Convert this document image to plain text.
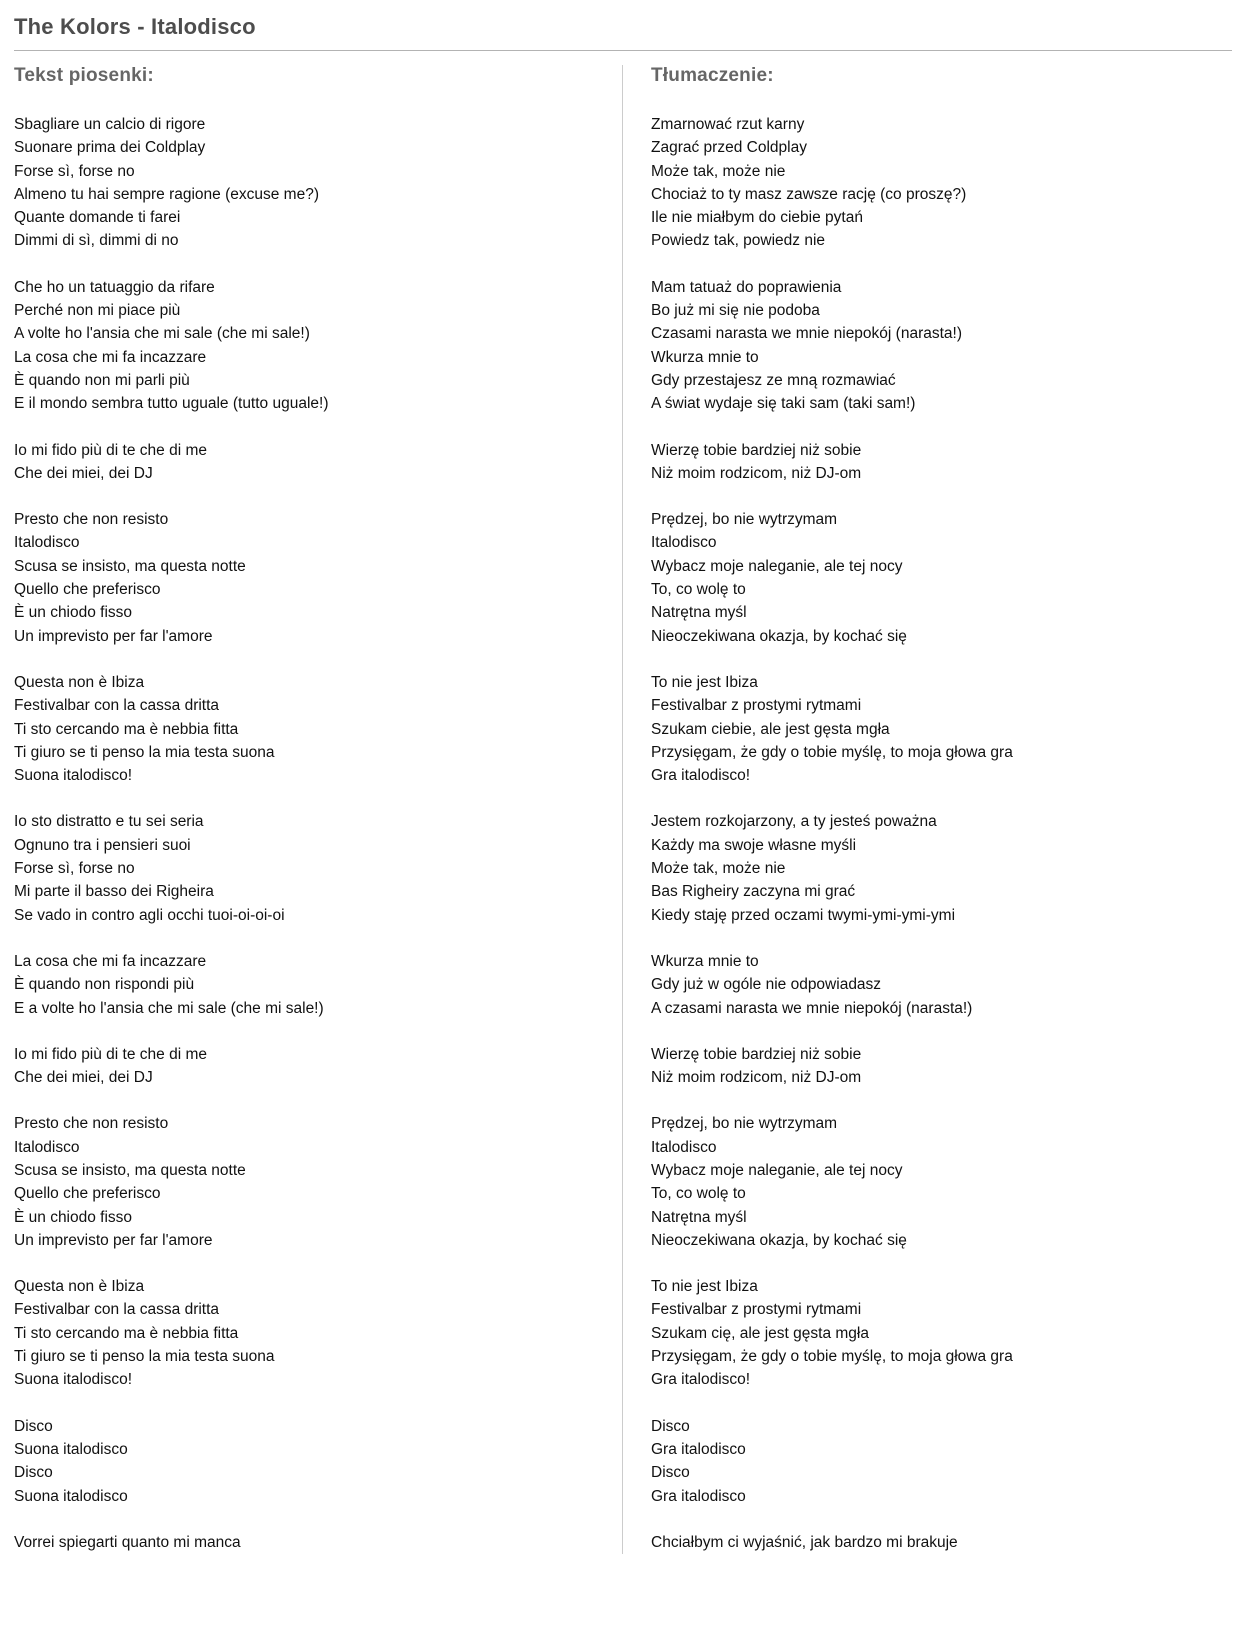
The Kolors - Italodisco
Tekst piosenki:
Sbagliare un calcio di rigore
Suonare prima dei Coldplay
Forse sì, forse no
Almeno tu hai sempre ragione (excuse me?)
Quante domande ti farei
Dimmi di sì, dimmi di no
Che ho un tatuaggio da rifare
Perché non mi piace più
A volte ho l'ansia che mi sale (che mi sale!)
La cosa che mi fa incazzare
È quando non mi parli più
E il mondo sembra tutto uguale (tutto uguale!)
Io mi fido più di te che di me
Che dei miei, dei DJ
Presto che non resisto
Italodisco
Scusa se insisto, ma questa notte
Quello che preferisco
È un chiodo fisso
Un imprevisto per far l'amore
Questa non è Ibiza
Festivalbar con la cassa dritta
Ti sto cercando ma è nebbia fitta
Ti giuro se ti penso la mia testa suona
Suona italodisco!
Io sto distratto e tu sei seria
Ognuno tra i pensieri suoi
Forse sì, forse no
Mi parte il basso dei Righeira
Se vado in contro agli occhi tuoi-oi-oi-oi
La cosa che mi fa incazzare
È quando non rispondi più
E a volte ho l'ansia che mi sale (che mi sale!)
Io mi fido più di te che di me
Che dei miei, dei DJ
Presto che non resisto
Italodisco
Scusa se insisto, ma questa notte
Quello che preferisco
È un chiodo fisso
Un imprevisto per far l'amore
Questa non è Ibiza
Festivalbar con la cassa dritta
Ti sto cercando ma è nebbia fitta
Ti giuro se ti penso la mia testa suona
Suona italodisco!
Disco
Suona italodisco
Disco
Suona italodisco
Vorrei spiegarti quanto mi manca
Tłumaczenie:
Zmarnować rzut karny
Zagrać przed Coldplay
Może tak, może nie
Chociaż to ty masz zawsze rację (co proszę?)
Ile nie miałbym do ciebie pytań
Powiedz tak, powiedz nie
Mam tatuaż do poprawienia
Bo już mi się nie podoba
Czasami narasta we mnie niepokój (narasta!)
Wkurza mnie to
Gdy przestajesz ze mną rozmawiać
A świat wydaje się taki sam (taki sam!)
Wierzę tobie bardziej niż sobie
Niż moim rodzicom, niż DJ-om
Prędzej, bo nie wytrzymam
Italodisco
Wybacz moje naleganie, ale tej nocy
To, co wolę to
Natrętna myśl
Nieoczekiwana okazja, by kochać się
To nie jest Ibiza
Festivalbar z prostymi rytmami
Szukam ciebie, ale jest gęsta mgła
Przysięgam, że gdy o tobie myślę, to moja głowa gra
Gra italodisco!
Jestem rozkojarzony, a ty jesteś poważna
Każdy ma swoje własne myśli
Może tak, może nie
Bas Righeiry zaczyna mi grać
Kiedy staję przed oczami twymi-ymi-ymi-ymi
Wkurza mnie to
Gdy już w ogóle nie odpowiadasz
A czasami narasta we mnie niepokój (narasta!)
Wierzę tobie bardziej niż sobie
Niż moim rodzicom, niż DJ-om
Prędzej, bo nie wytrzymam
Italodisco
Wybacz moje naleganie, ale tej nocy
To, co wolę to
Natrętna myśl
Nieoczekiwana okazja, by kochać się
To nie jest Ibiza
Festivalbar z prostymi rytmami
Szukam cię, ale jest gęsta mgła
Przysięgam, że gdy o tobie myślę, to moja głowa gra
Gra italodisco!
Disco
Gra italodisco
Disco
Gra italodisco
Chciałbym ci wyjaśnić, jak bardzo mi brakuje
